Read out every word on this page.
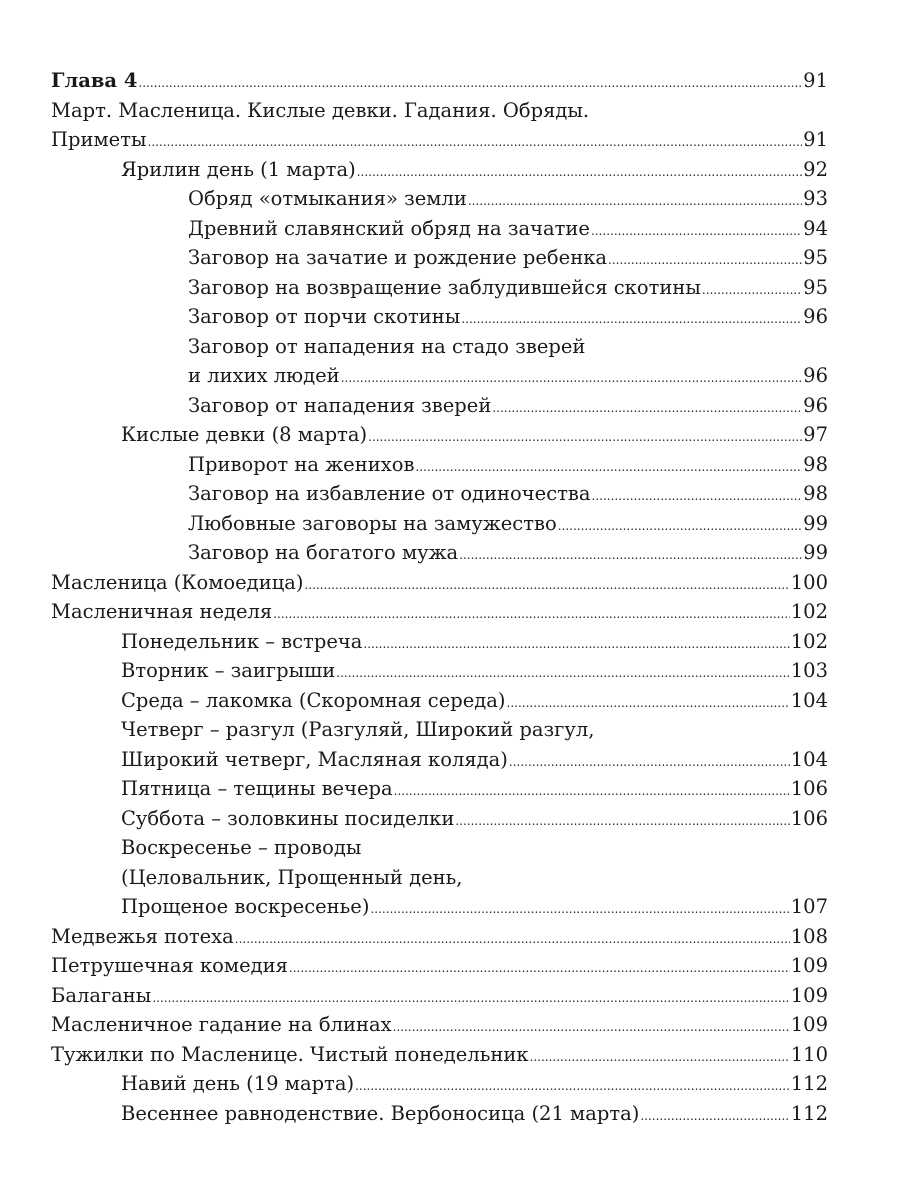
Глава 4 .....	91
Март. Масленица. Кислые девки. Гадания. Обряды.
Приметы .....	91
Ярилин день (1 марта) .....	92
Обряд «отмыкания» земли .....	93
Древний славянский обряд на зачатие .....	94
Заговор на зачатие и рождение ребенка .....	95
Заговор на возвращение заблудившейся скотины .....	95
Заговор от порчи скотины .....	96
Заговор от нападения на стадо зверей
и лихих людей .....	96
Заговор от нападения зверей .....	96
Кислые девки (8 марта) .....	97
Приворот на женихов .....	98
Заговор на избавление от одиночества .....	98
Любовные заговоры на замужество .....	99
Заговор на богатого мужа .....	99
Масленица (Комоедица) .....	100
Масленичная неделя .....	102
Понедельник – встреча .....	102
Вторник – заигрыши .....	103
Среда – лакомка (Скоромная середа) .....	104
Четверг – разгул (Разгуляй, Широкий разгул,
Широкий четверг, Масляная коляда) .....	104
Пятница – тещины вечера .....	106
Суббота – золовкины посиделки .....	106
Воскресенье – проводы
(Целовальник, Прощенный день,
Прощеное воскресенье) .....	107
Медвежья потеха .....	108
Петрушечная комедия .....	109
Балаганы .....	109
Масленичное гадание на блинах .....	109
Тужилки по Масленице. Чистый понедельник .....	110
Навий день (19 марта) .....	112
Весеннее равноденствие. Вербоносица (21 марта) .....	112
